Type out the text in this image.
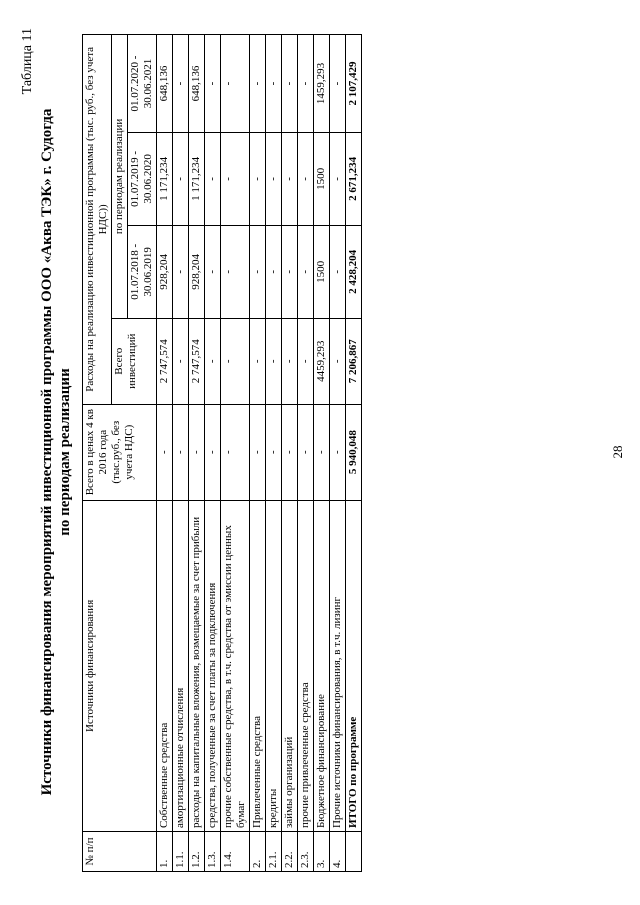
Таблица 11
Источники финансирования мероприятий инвестиционной программы ООО «Аква ТЭК» г. Судогда по периодам реализации
№ п/п	Источники финансирования	Всего в ценах 4 кв 2016 года (тыс.руб., без учета НДС)	Расходы на реализацию инвестиционной программы (тыс. руб., без учета НДС))			
			Всего инвестиций	по периодам реализации		
				01.07.2018 - 30.06.2019	01.07.2019 - 30.06.2020	01.07.2020 - 30.06.2021
1.	Собственные средства	-	2 747,574	928,204	1 171,234	648,136
1.1.	амортизационные отчисления	-	-	-	-	-
1.2.	расходы на капитальные вложения, возмещаемые за счет прибыли	-	2 747,574	928,204	1 171,234	648,136
1.3.	средства, полученные за счет платы за подключения	-	-	-	-	-
1.4.	прочие собственные средства, в т.ч. средства от эмиссии ценных бумаг	-	-	-	-	-
2.	Привлеченные средства	-	-	-	-	-
2.1.	кредиты	-	-	-	-	-
2.2.	займы организаций	-	-	-	-	-
2.3.	прочие привлеченные средства	-	-	-	-	-
3.	Бюджетное финансирование	-	4459,293	1500	1500	1459,293
4.	Прочие источники финансирования, в т.ч. лизинг	-	-	-	-	-
	ИТОГО по программе	5 940,048	7 206,867	2 428,204	2 671,234	2 107,429
28
